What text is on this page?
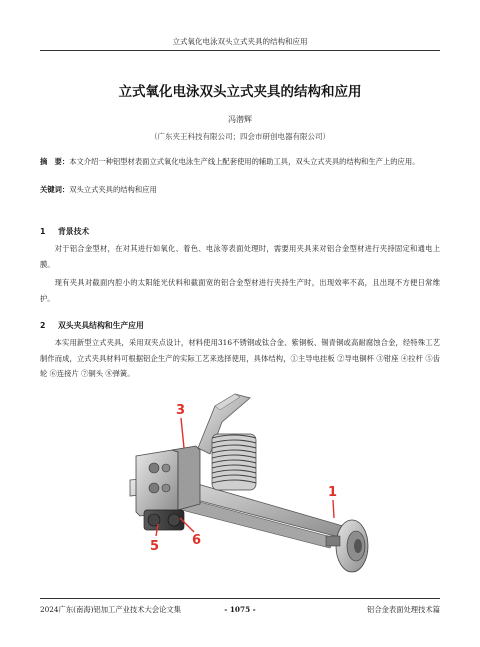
立式氧化电泳双头立式夹具的结构和应用
立式氧化电泳双头立式夹具的结构和应用
冯潜辉
（广东夹王科技有限公司；四会市研创电器有限公司）
摘　要：本文介绍一种铝型材表面立式氧化电泳生产线上配套使用的辅助工具，双头立式夹具的结构和生产上的应用。
关键词：双头立式夹具的结构和应用
1 背景技术
对于铝合金型材，在对其进行如氧化、着色、电泳等表面处理时，需要用夹具来对铝合金型材进行夹持固定和通电上膜。
现有夹具对截面内腔小的太阳能光伏料和截面宽的铝合金型材进行夹持生产时，出现效率不高，且出现不方便日常维护。
2 双头夹具结构和生产应用
本实用新型立式夹具，采用双夹点设计，材料使用316不锈钢或钛合金、紫铜板、锡青铜或高耐腐蚀合金，经特殊工艺制作而成，立式夹具材料可根据铝企生产的实际工艺来选择使用，具体结构，①主导电挂板 ②导电铜杯 ③钳座 ④拉杆 ⑤齿轮 ⑥连接片 ⑦铜头 ⑧弹簧。
3
1
5	6
2024广东(南海)铝加工产业技术大会论文集	- 1075 -	铝合金表面处理技术篇
